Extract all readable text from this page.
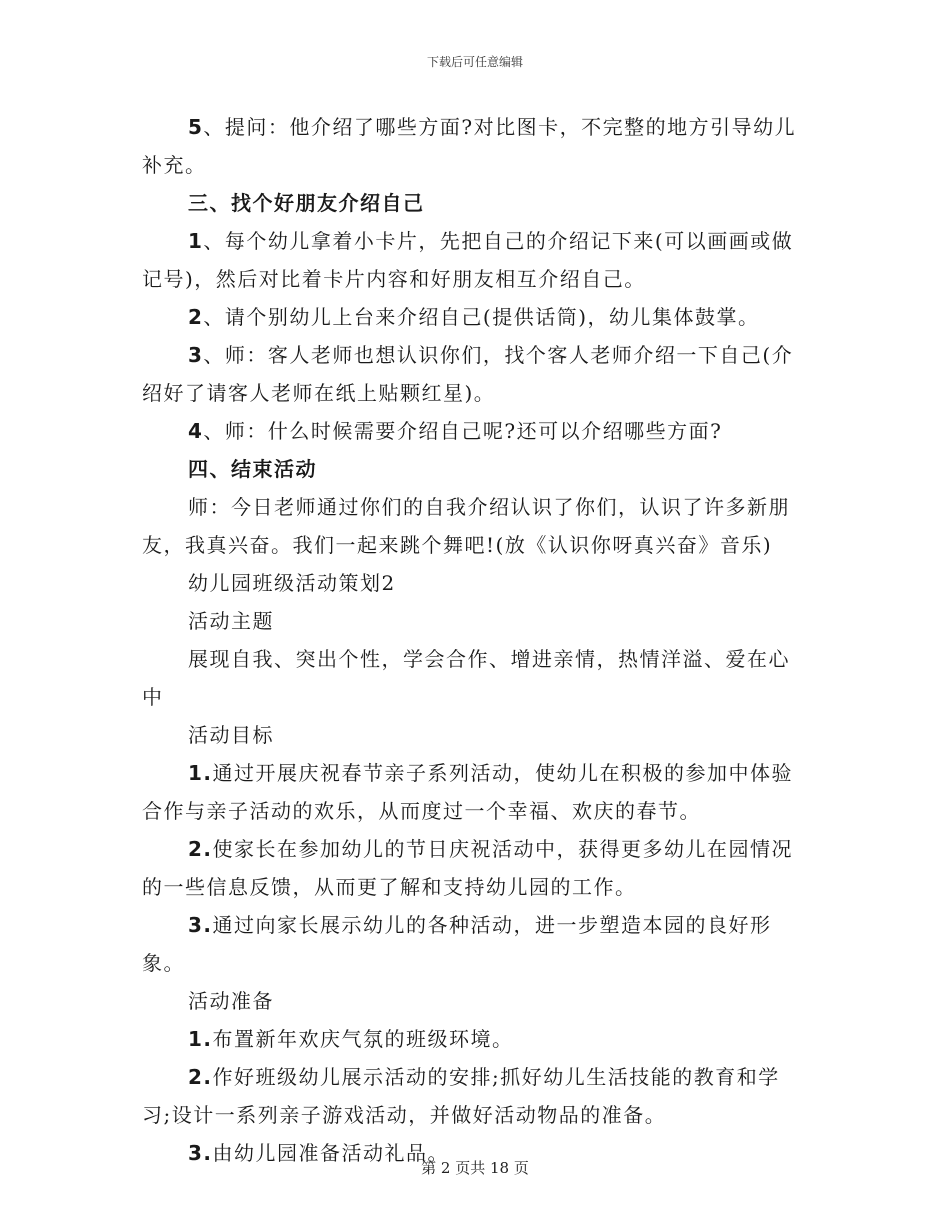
下载后可任意编辑

5、提问：他介绍了哪些方面?对比图卡，不完整的地方引导幼儿补充。

三、找个好朋友介绍自己

1、每个幼儿拿着小卡片，先把自己的介绍记下来(可以画画或做记号)，然后对比着卡片内容和好朋友相互介绍自己。

2、请个别幼儿上台来介绍自己(提供话筒)，幼儿集体鼓掌。

3、师：客人老师也想认识你们，找个客人老师介绍一下自己(介绍好了请客人老师在纸上贴颗红星)。

4、师：什么时候需要介绍自己呢?还可以介绍哪些方面?

四、结束活动

师：今日老师通过你们的自我介绍认识了你们，认识了许多新朋友，我真兴奋。我们一起来跳个舞吧!(放《认识你呀真兴奋》音乐)

幼儿园班级活动策划2

活动主题

展现自我、突出个性，学会合作、增进亲情，热情洋溢、爱在心中

活动目标

1.通过开展庆祝春节亲子系列活动，使幼儿在积极的参加中体验合作与亲子活动的欢乐，从而度过一个幸福、欢庆的春节。

2.使家长在参加幼儿的节日庆祝活动中，获得更多幼儿在园情况的一些信息反馈，从而更了解和支持幼儿园的工作。

3.通过向家长展示幼儿的各种活动，进一步塑造本园的良好形象。

活动准备

1.布置新年欢庆气氛的班级环境。

2.作好班级幼儿展示活动的安排;抓好幼儿生活技能的教育和学习;设计一系列亲子游戏活动，并做好活动物品的准备。

3.由幼儿园准备活动礼品。

第 2 页共 18 页
